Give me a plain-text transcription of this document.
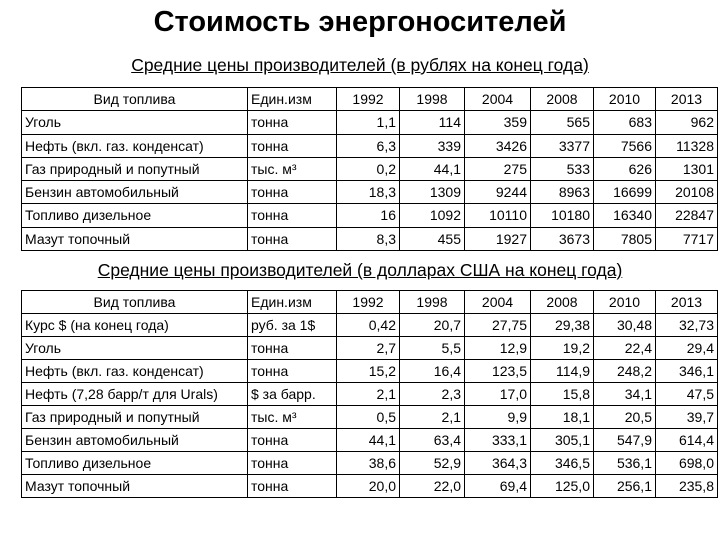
Стоимость энергоносителей
Средние цены производителей (в рублях на конец года)
Вид топлива	Един.изм	1992	1998	2004	2008	2010	2013

Уголь	тонна	1,1	114	359	565	683	962

Нефть (вкл. газ. конденсат)	тонна	6,3	339	3426	3377	7566	11328

Газ природный и попутный	тыс. м³	0,2	44,1	275	533	626	1301

Бензин автомобильный	тонна	18,3	1309	9244	8963	16699	20108

Топливо дизельное	тонна	16	1092	10110	10180	16340	22847

Мазут топочный	тонна	8,3	455	1927	3673	7805	7717
Средние цены производителей (в долларах США на конец года)
Вид топлива	Един.изм	1992	1998	2004	2008	2010	2013

Курс $ (на конец года)	руб. за 1$	0,42	20,7	27,75	29,38	30,48	32,73

Уголь	тонна	2,7	5,5	12,9	19,2	22,4	29,4

Нефть (вкл. газ. конденсат)	тонна	15,2	16,4	123,5	114,9	248,2	346,1

Нефть (7,28 барр/т для Urals)	$ за барр.	2,1	2,3	17,0	15,8	34,1	47,5

Газ природный и попутный	тыс. м³	0,5	2,1	9,9	18,1	20,5	39,7

Бензин автомобильный	тонна	44,1	63,4	333,1	305,1	547,9	614,4

Топливо дизельное	тонна	38,6	52,9	364,3	346,5	536,1	698,0

Мазут топочный	тонна	20,0	22,0	69,4	125,0	256,1	235,8
